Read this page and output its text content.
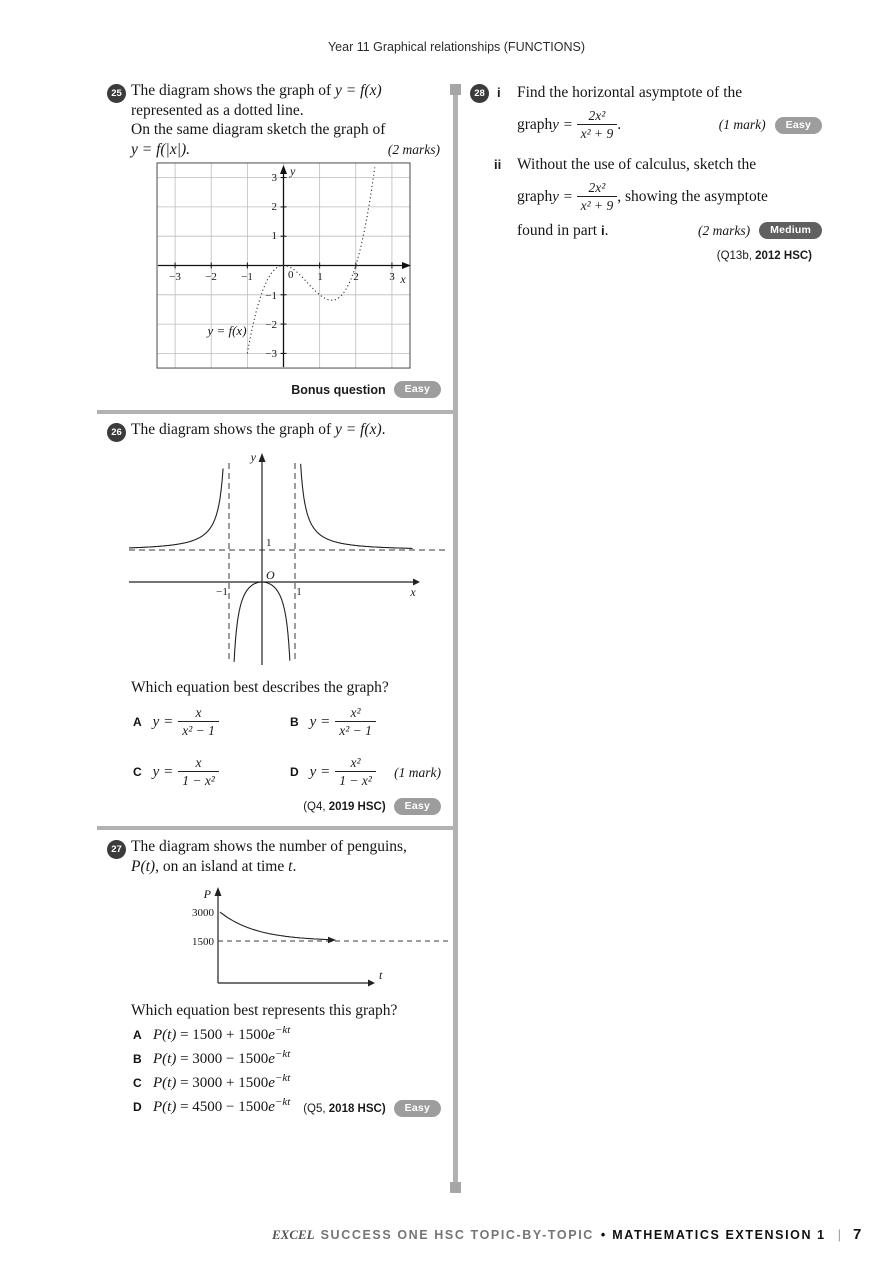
Year 11 Graphical relationships (FUNCTIONS)
25 The diagram shows the graph of y = f(x)
represented as a dotted line.
On the same diagram sketch the graph of
y = f(|x|).	(2 marks)
3
2
1
−1
−2
−3
−3 −2 −1	1	2	3
0
y
x
y = f(x)
Bonus question	Easy
26 The diagram shows the graph of y = f(x).
y
x
1
O
−1	1
Which equation best describes the graph?
A $y = \frac{x}{\text{x² − 1}}$	B $y = \frac{\text{x²}}{\text{x² − 1}}$
C $y = \frac{x}{\text{1 − x²}}$	D $y = \frac{\text{x²}}{\text{1 − x²}}$	(1 mark)
(Q4, 2019 HSC)	Easy
27 The diagram shows the number of penguins,
P(t), on an island at time t.
P
t
3000
1500
Which equation best represents this graph?
A $P(t) = 1500 + 1500e^{-kt}$
B $P(t) = 3000 - 1500e^{-kt}$
C $P(t) = 3000 + 1500e^{-kt}$
D $P(t) = 4500 - 1500e^{-kt}$
(Q5, 2018 HSC)	Easy
28 i Find the horizontal asymptote of the
graph $y = \frac{\text{2x²}}{\text{x² + 9}}$ .	(1 mark)	Easy
ii Without the use of calculus, sketch the
graph $y = \frac{\text{2x²}}{\text{x² + 9}}$ , showing the asymptote
found in part i.	(2 marks)	Medium
(Q13b, 2012 HSC)
EXCEL SUCCESS ONE HSC TOPIC-BY-TOPIC • MATHEMATICS EXTENSION 1 | 7
